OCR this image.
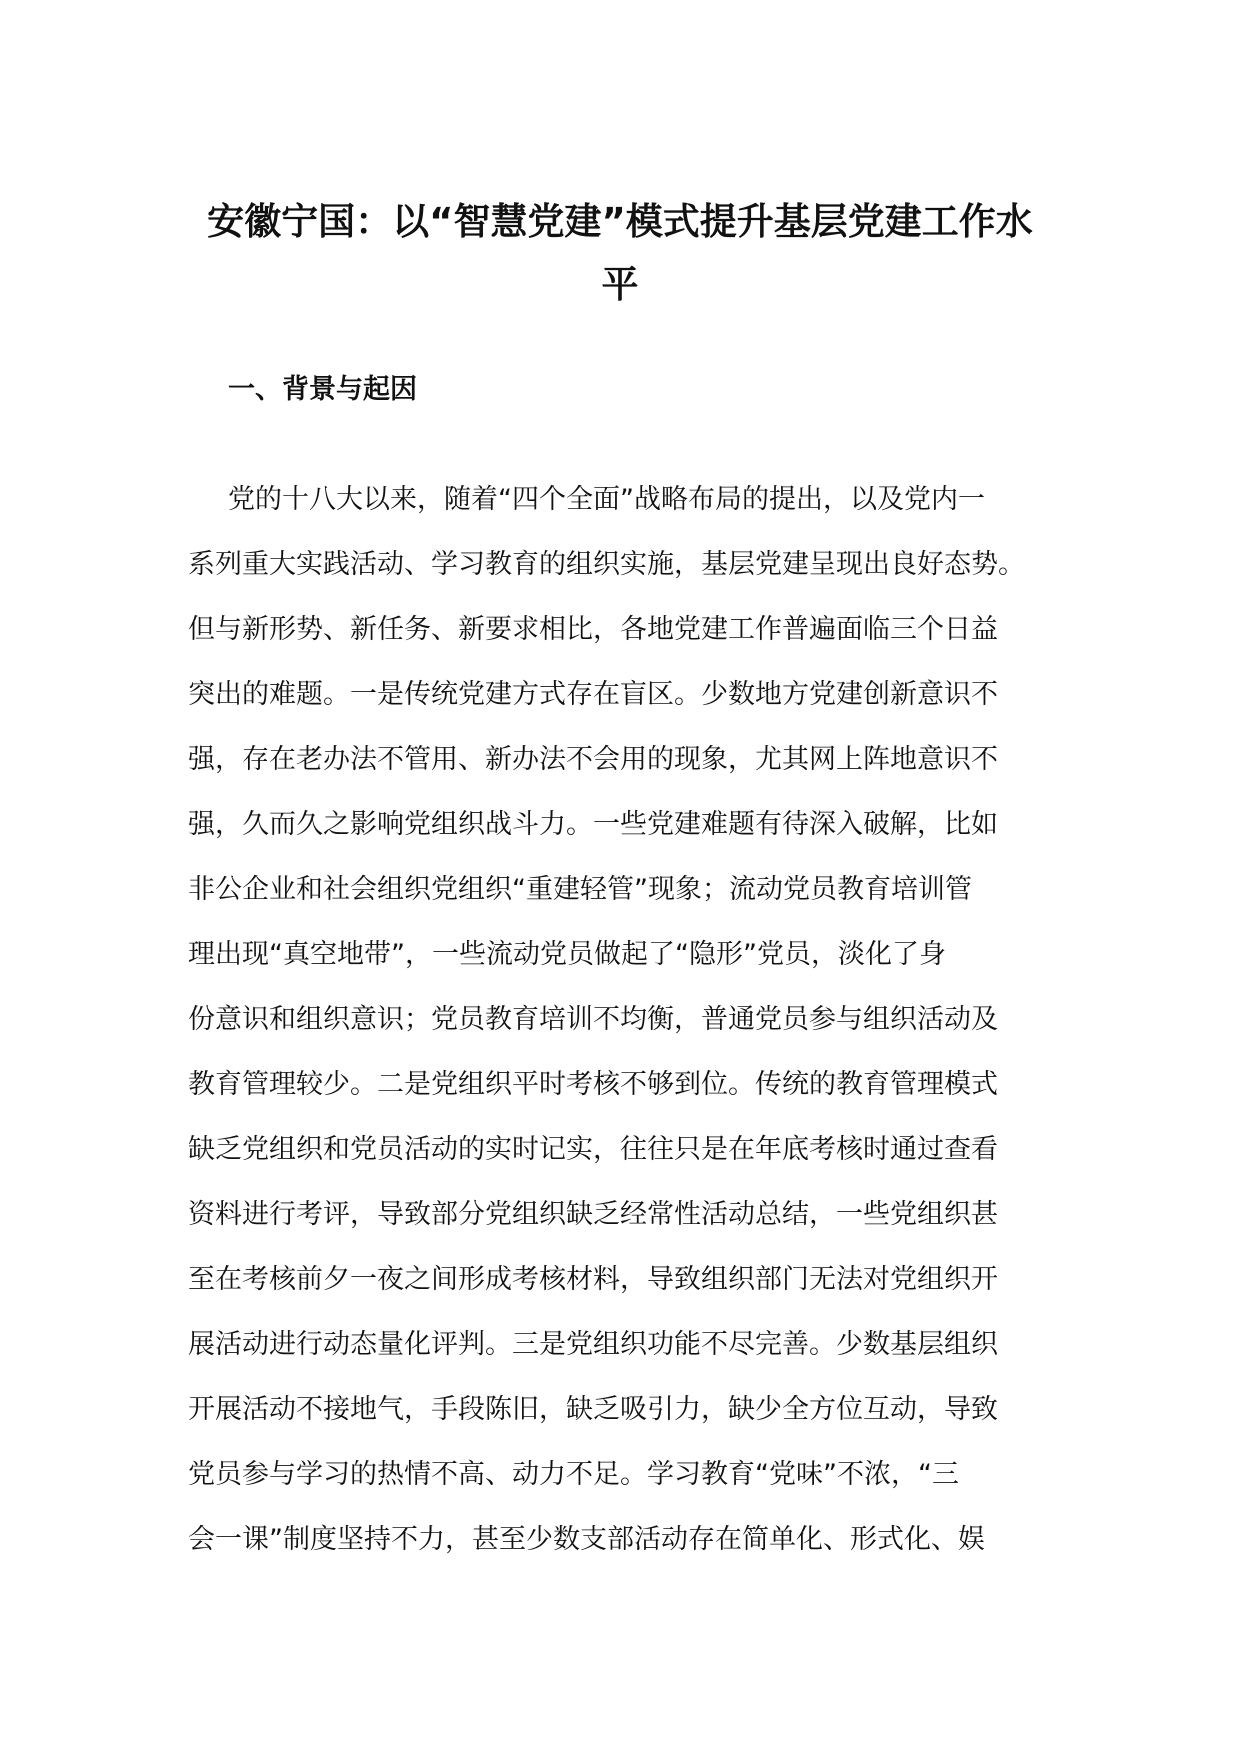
安徽宁国：以“智慧党建”模式提升基层党建工作水
平
一、背景与起因
党的十八大以来，随着“四个全面”战略布局的提出，以及党内一
系列重大实践活动、学习教育的组织实施，基层党建呈现出良好态势。
但与新形势、新任务、新要求相比，各地党建工作普遍面临三个日益
突出的难题。一是传统党建方式存在盲区。少数地方党建创新意识不
强，存在老办法不管用、新办法不会用的现象，尤其网上阵地意识不
强，久而久之影响党组织战斗力。一些党建难题有待深入破解，比如
非公企业和社会组织党组织“重建轻管”现象；流动党员教育培训管
理出现“真空地带”，一些流动党员做起了“隐形”党员，淡化了身
份意识和组织意识；党员教育培训不均衡，普通党员参与组织活动及
教育管理较少。二是党组织平时考核不够到位。传统的教育管理模式
缺乏党组织和党员活动的实时记实，往往只是在年底考核时通过查看
资料进行考评，导致部分党组织缺乏经常性活动总结，一些党组织甚
至在考核前夕一夜之间形成考核材料，导致组织部门无法对党组织开
展活动进行动态量化评判。三是党组织功能不尽完善。少数基层组织
开展活动不接地气，手段陈旧，缺乏吸引力，缺少全方位互动，导致
党员参与学习的热情不高、动力不足。学习教育“党味”不浓，“三
会一课”制度坚持不力，甚至少数支部活动存在简单化、形式化、娱
